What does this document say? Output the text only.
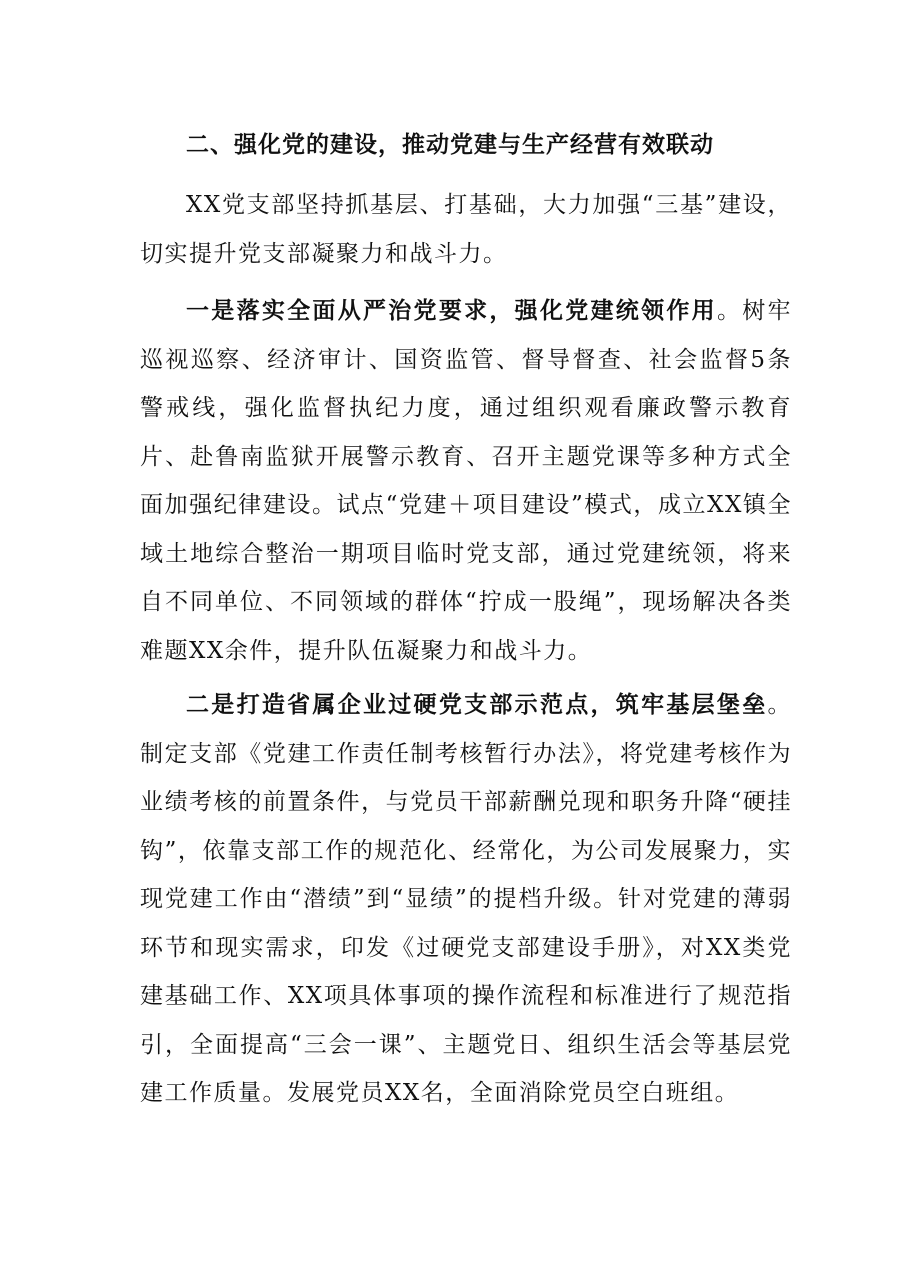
二、强化党的建设，推动党建与生产经营有效联动

XX党支部坚持抓基层、打基础，大力加强“三基”建设，切实提升党支部凝聚力和战斗力。

一是落实全面从严治党要求，强化党建统领作用。树牢巡视巡察、经济审计、国资监管、督导督查、社会监督5条警戒线，强化监督执纪力度，通过组织观看廉政警示教育片、赴鲁南监狱开展警示教育、召开主题党课等多种方式全面加强纪律建设。试点“党建＋项目建设”模式，成立XX镇全域土地综合整治一期项目临时党支部，通过党建统领，将来自不同单位、不同领域的群体“拧成一股绳”，现场解决各类难题XX余件，提升队伍凝聚力和战斗力。

二是打造省属企业过硬党支部示范点，筑牢基层堡垒。制定支部《党建工作责任制考核暂行办法》，将党建考核作为业绩考核的前置条件，与党员干部薪酬兑现和职务升降“硬挂钩”，依靠支部工作的规范化、经常化，为公司发展聚力，实现党建工作由“潜绩”到“显绩”的提档升级。针对党建的薄弱环节和现实需求，印发《过硬党支部建设手册》，对XX类党建基础工作、XX项具体事项的操作流程和标准进行了规范指引，全面提高“三会一课”、主题党日、组织生活会等基层党建工作质量。发展党员XX名，全面消除党员空白班组。
